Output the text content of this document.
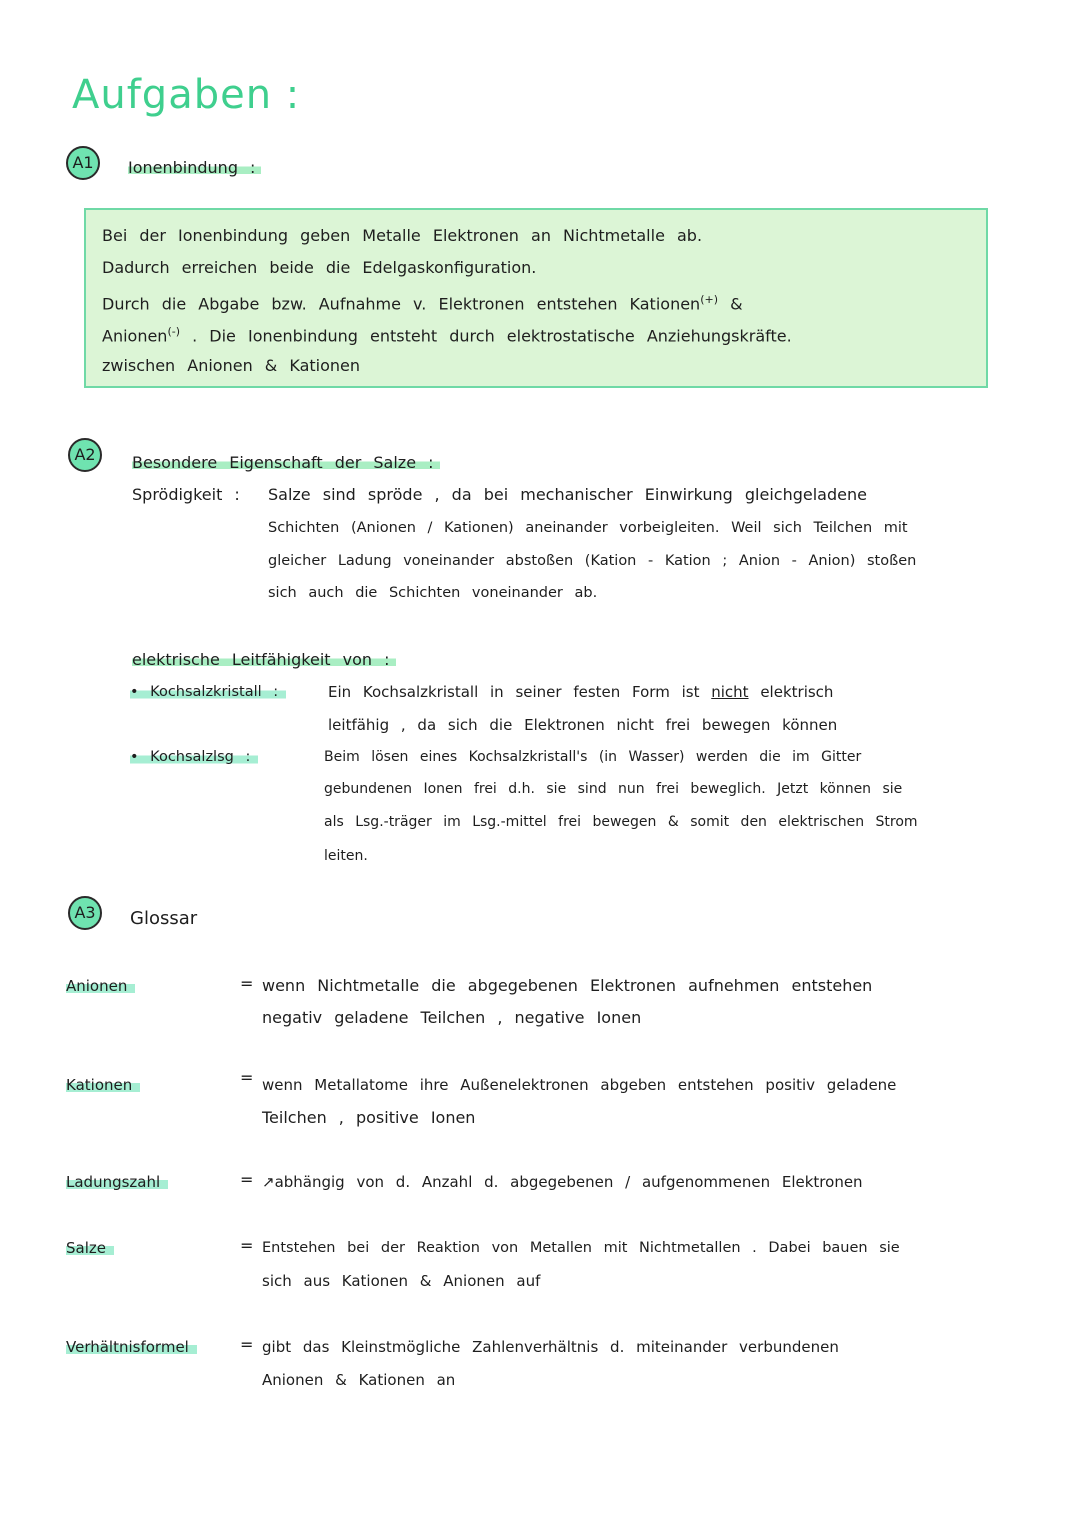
Aufgaben :
A1	Ionenbindung :
Bei der Ionenbindung geben Metalle Elektronen an Nichtmetalle ab.
Dadurch erreichen beide die Edelgaskonfiguration.
Durch die Abgabe bzw. Aufnahme v. Elektronen entstehen Kationen(+) &
Anionen(-) . Die Ionenbindung entsteht durch elektrostatische Anziehungskräfte.
zwischen Anionen & Kationen
A2	Besondere Eigenschaft der Salze :
Sprödigkeit : Salze sind spröde , da bei mechanischer Einwirkung gleichgeladene
Schichten (Anionen / Kationen) aneinander vorbeigleiten. Weil sich Teilchen mit
gleicher Ladung voneinander abstoßen (Kation - Kation ; Anion - Anion) stoßen
sich auch die Schichten voneinander ab.
elektrische Leitfähigkeit von :
• Kochsalzkristall :	Ein Kochsalzkristall in seiner festen Form ist nicht elektrisch
leitfähig , da sich die Elektronen nicht frei bewegen können
• Kochsalzlsg :	Beim lösen eines Kochsalzkristall's (in Wasser) werden die im Gitter
gebundenen Ionen frei d.h. sie sind nun frei beweglich. Jetzt können sie
als Lsg.-träger im Lsg.-mittel frei bewegen & somit den elektrischen Strom
leiten.
A3	Glossar
Anionen	= wenn Nichtmetalle die abgegebenen Elektronen aufnehmen entstehen
negativ geladene Teilchen , negative Ionen
Kationen	= wenn Metallatome ihre Außenelektronen abgeben entstehen positiv geladene
Teilchen , positive Ionen
Ladungszahl	= ↗abhängig von d. Anzahl d. abgegebenen / aufgenommenen Elektronen
Salze	= Entstehen bei der Reaktion von Metallen mit Nichtmetallen . Dabei bauen sie
sich aus Kationen & Anionen auf
Verhältnisformel	= gibt das Kleinstmögliche Zahlenverhältnis d. miteinander verbundenen
Anionen & Kationen an
